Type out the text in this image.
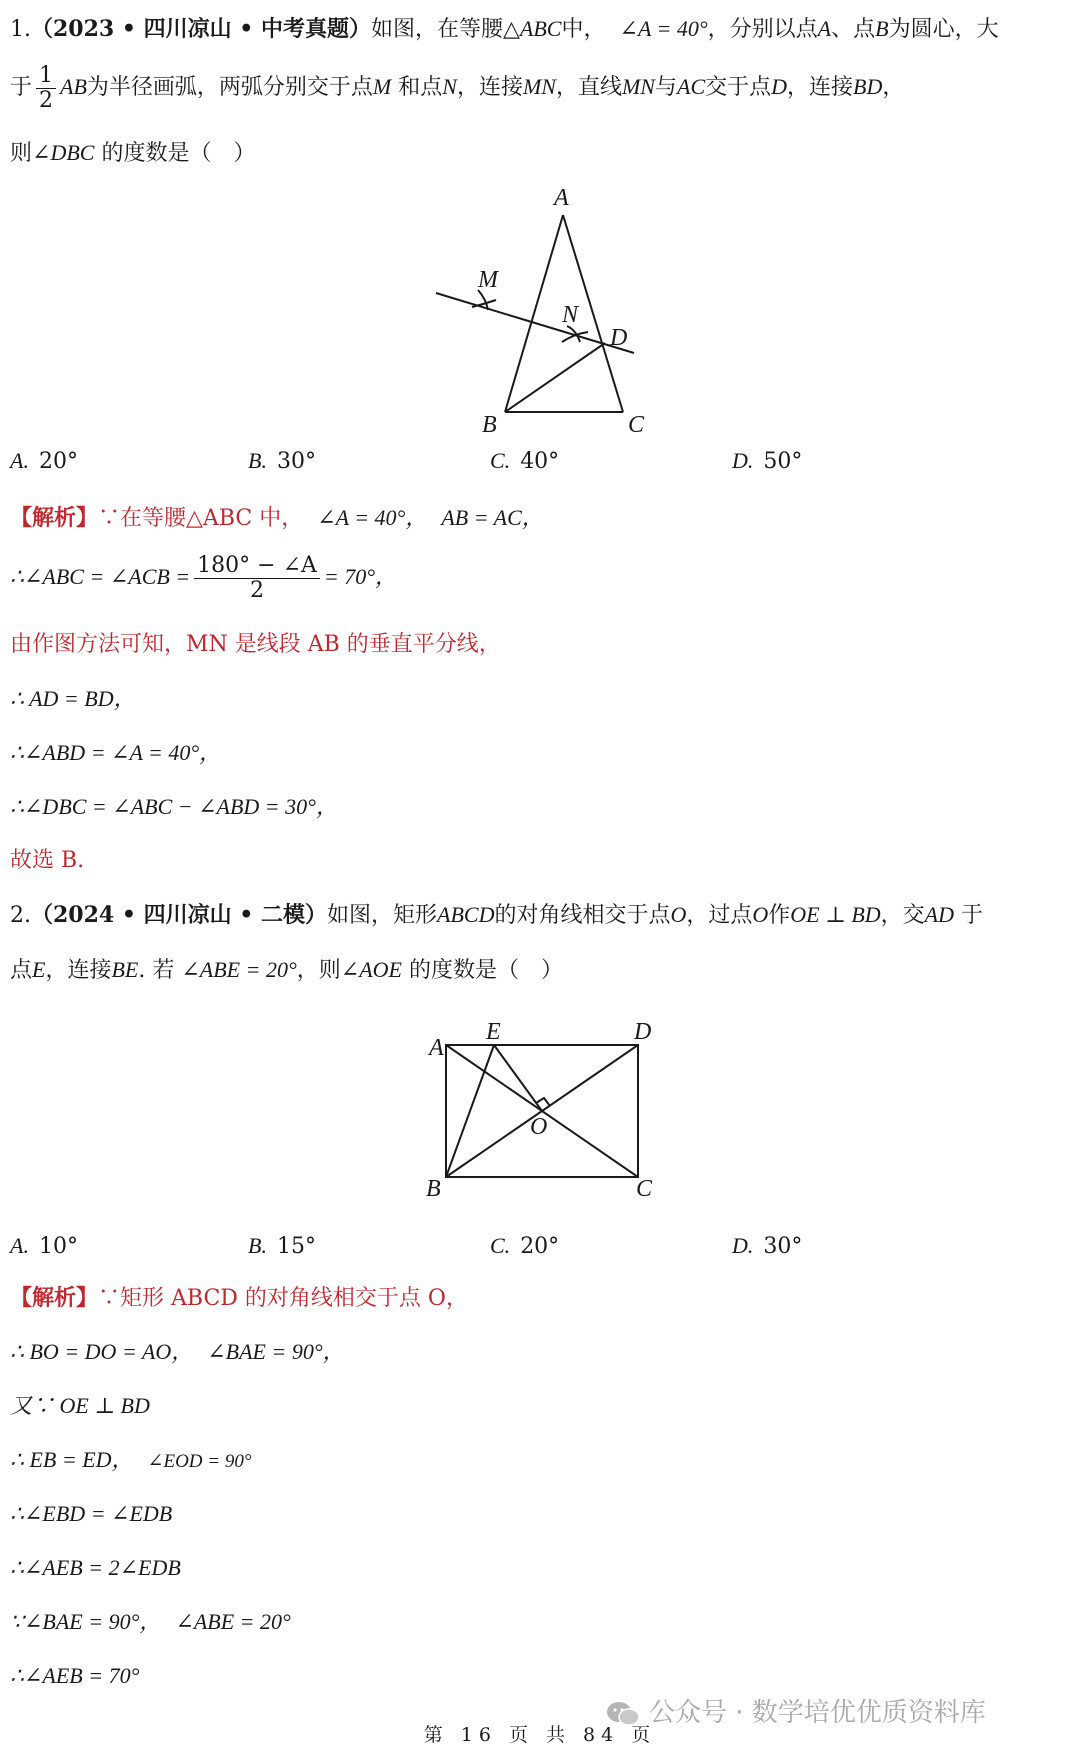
1.（2023 • 四川凉山 • 中考真题）如图，在等腰△ABC中， ∠A = 40°，分别以点A、点B为圆心，大
于 $\frac{1}{2}$ AB为半径画弧，两弧分别交于点M 和点N，连接MN，直线MN与AC交于点D，连接BD，
则∠DBC 的度数是（　）
A
M
N
D
B	C
A. 20°	B. 30°	C. 40°	D. 50°
【解析】∵在等腰△ABC 中， ∠A = 40°， AB = AC，
∴∠ABC = ∠ACB = $\frac{180^\circ - \angle A}{2} = 70^\circ$，
由作图方法可知，MN 是线段 AB 的垂直平分线，
∴ AD = BD，
∴∠ABD = ∠A = 40°，
∴∠DBC = ∠ABC − ∠ABD = 30°，
故选 B.
2.（2024 • 四川凉山 • 二模）如图，矩形ABCD的对角线相交于点O，过点O作OE ⊥ BD，交AD 于
点E，连接BE. 若 ∠ABE = 20°，则∠AOE 的度数是（　）
A
E	D
O
B	C
A. 10°	B. 15°	C. 20°	D. 30°
【解析】∵矩形 ABCD 的对角线相交于点 O，
∴ BO = DO = AO， ∠BAE = 90°，
又∵ OE ⊥ BD
∴ EB = ED， ∠EOD = 90°
∴∠EBD = ∠EDB
∴∠AEB = 2∠EDB
∵∠BAE = 90°， ∠ABE = 20°
∴∠AEB = 70°
公众号 · 数学培优优质资料库
第 16 页 共 84 页
